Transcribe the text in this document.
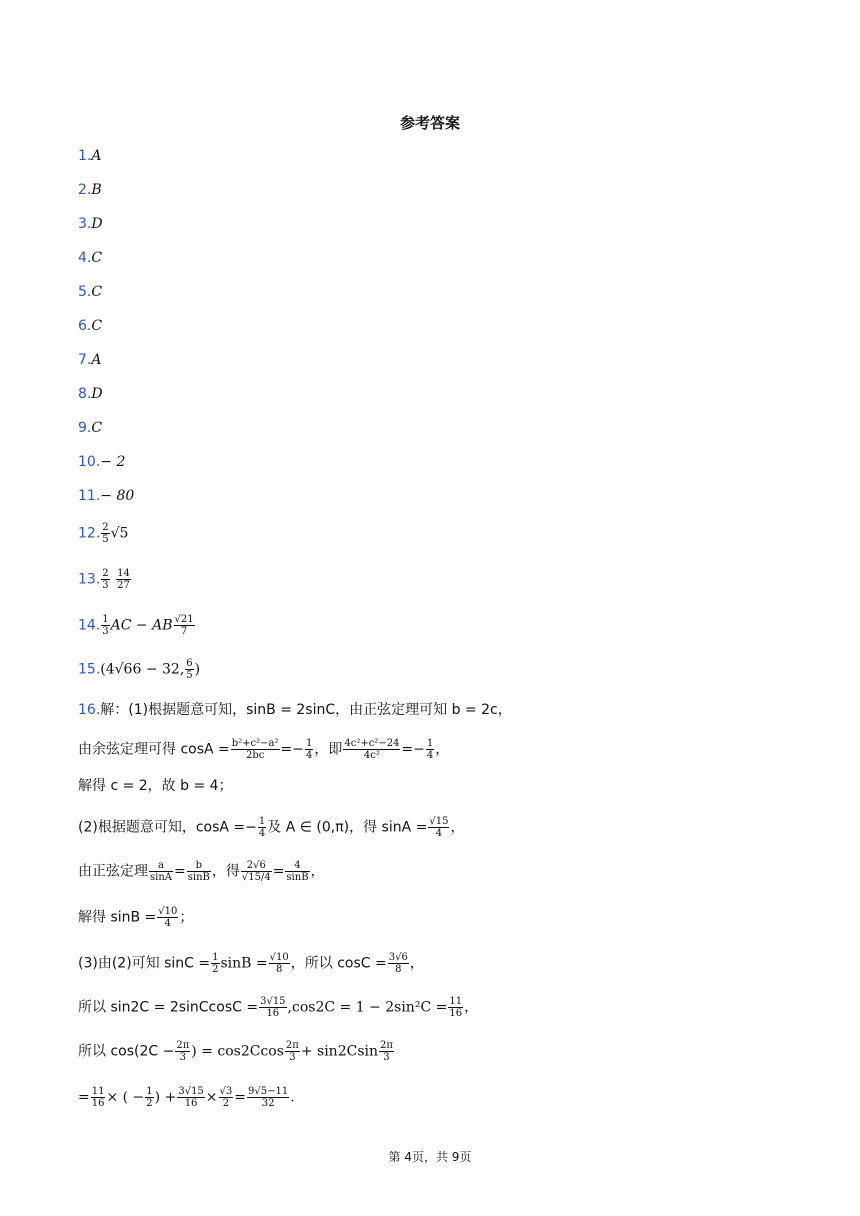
参考答案
1.A
2.B
3.D
4.C
5.C
6.C
7.A
8.D
9.C
10.− 2
11.− 80
12. $\frac{2}{5} √5$
13. $\frac{2}{3}$
$\frac{14}{27}$
14. $\frac{1}{3}$ AC − AB $\frac{√21}{7}$
15.(4√66 − 32, $\frac{6}{5}$ )
16.解：(1)根据题意可知，sinB = 2sinC，由正弦定理可知 b = 2c，
由余弦定理可得 $\cos A = \frac{\text{b²+c²−a²}}{2bc} =- \frac{1}{4}$ ，即 $\frac{\text{4c²+c²−24}}{\text{4c²}} =- \frac{1}{4}$ ，
解得 c = 2，故 b = 4；
(2)根据题意可知，$\cos A =- \frac{1}{4}$ 及 A ∈ (0,π)，得 $\sin A = \frac{√15}{4}$ ，
由正弦定理 $\frac{a}{\sin A} = \frac{b}{\sin B}$ ，得 $\frac{2√6}{√15/4} = \frac{4}{\sin B}$ ，
解得 $\sin B = \frac{√10}{4}$ ；
(3)由(2)可知 $\sin C = \frac{1}{2}$ $\sin B = \frac{√10}{8}$ ，所以 $\cos C = \frac{3√6}{8}$ ，
所以 sin2C = 2sinCcosC = $\frac{3√15}{16} ,\cos 2C = 1 - 2\sin^2C = \frac{11}{16}$ ，
所以 $\cos(2C - \frac{2\pi}{3}$ ) = $\cos 2Ccos \frac{2\pi}{3} + \sin 2Csin \frac{2\pi}{3}$
= $\frac{11}{16}$ × ( − $\frac{1}{2}$ ) + $\frac{3√15}{16} \times \frac{√3}{2} = \frac{9√5-11}{32}$ .
第 4页，共 9页
